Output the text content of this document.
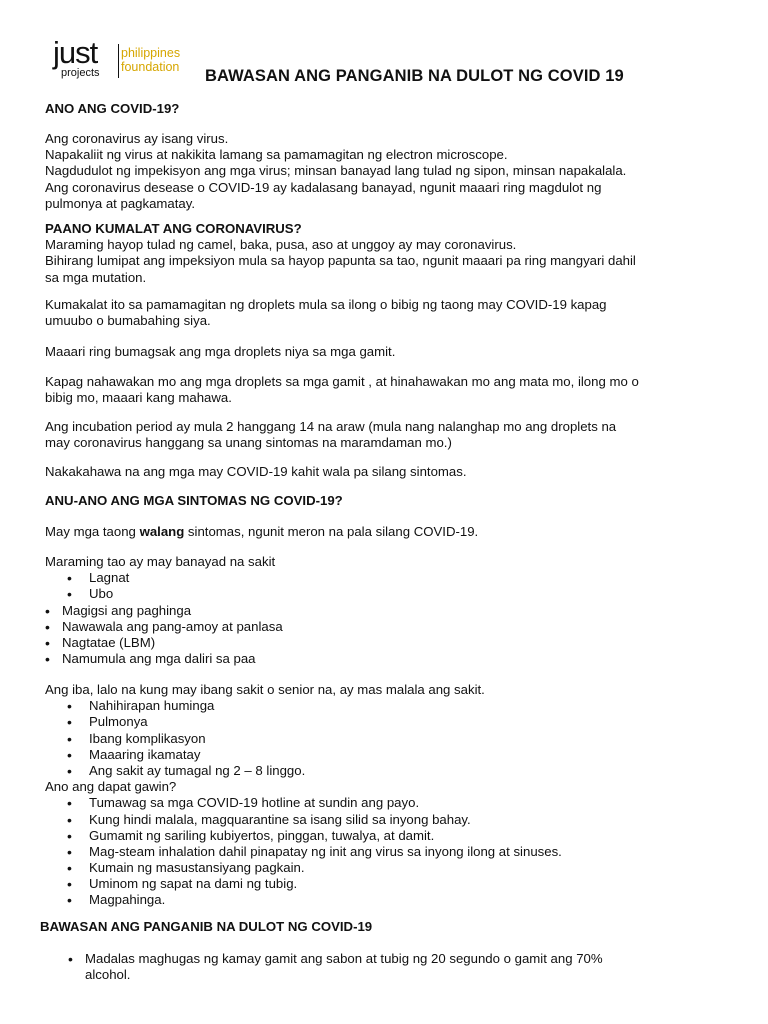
just
projects
philippines
foundation BAWASAN ANG PANGANIB NA DULOT NG COVID 19
ANO ANG COVID-19?
Ang coronavirus ay isang virus.
Napakaliit ng virus at nakikita lamang sa pamamagitan ng electron microscope.
Nagdudulot ng impekisyon ang mga virus; minsan banayad lang tulad ng sipon, minsan napakalala.
Ang coronavirus desease o COVID-19 ay kadalasang banayad, ngunit maaari ring magdulot ng
pulmonya at pagkamatay.
PAANO KUMALAT ANG CORONAVIRUS?
Maraming hayop tulad ng camel, baka, pusa, aso at unggoy ay may coronavirus.
Bihirang lumipat ang impeksiyon mula sa hayop papunta sa tao, ngunit maaari pa ring mangyari dahil
sa mga mutation.
Kumakalat ito sa pamamagitan ng droplets mula sa ilong o bibig ng taong may COVID-19 kapag
umuubo o bumabahing siya.
Maaari ring bumagsak ang mga droplets niya sa mga gamit.
Kapag nahawakan mo ang mga droplets sa mga gamit , at hinahawakan mo ang mata mo, ilong mo o
bibig mo, maaari kang mahawa.
Ang incubation period ay mula 2 hanggang 14 na araw (mula nang nalanghap mo ang droplets na
may coronavirus hanggang sa unang sintomas na maramdaman mo.)
Nakakahawa na ang mga may COVID-19 kahit wala pa silang sintomas.
ANU-ANO ANG MGA SINTOMAS NG COVID-19?
May mga taong walang sintomas, ngunit meron na pala silang COVID-19.
Maraming tao ay may banayad na sakit
• Lagnat
• Ubo
• Magigsi ang paghinga
• Nawawala ang pang-amoy at panlasa
• Nagtatae (LBM)
• Namumula ang mga daliri sa paa
Ang iba, lalo na kung may ibang sakit o senior na, ay mas malala ang sakit.
• Nahihirapan huminga
• Pulmonya
• Ibang komplikasyon
• Maaaring ikamatay
• Ang sakit ay tumagal ng 2 – 8 linggo.
Ano ang dapat gawin?
• Tumawag sa mga COVID-19 hotline at sundin ang payo.
• Kung hindi malala, magquarantine sa isang silid sa inyong bahay.
• Gumamit ng sariling kubiyertos, pinggan, tuwalya, at damit.
• Mag-steam inhalation dahil pinapatay ng init ang virus sa inyong ilong at sinuses.
• Kumain ng masustansiyang pagkain.
• Uminom ng sapat na dami ng tubig.
• Magpahinga.
BAWASAN ANG PANGANIB NA DULOT NG COVID-19
• Madalas maghugas ng kamay gamit ang sabon at tubig ng 20 segundo o gamit ang 70%
alcohol.
